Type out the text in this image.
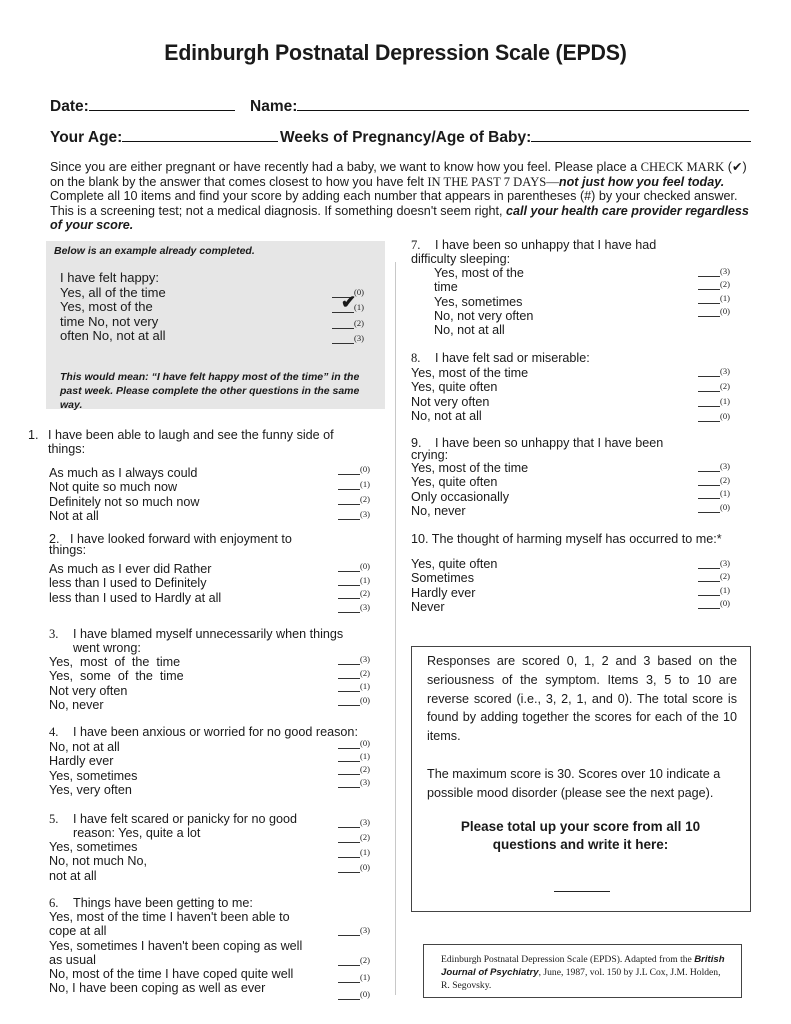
Edinburgh Postnatal Depression Scale (EPDS)
Date:	Name:
Your Age:	Weeks of Pregnancy/Age of Baby:
Since you are either pregnant or have recently had a baby, we want to know how you feel. Please place a CHECK MARK (✔) on the blank by the answer that comes closest to how you have felt IN THE PAST 7 DAYS—not just how you feel today. Complete all 10 items and find your score by adding each number that appears in parentheses (#) by your checked answer. This is a screening test; not a medical diagnosis. If something doesn't seem right, call your health care provider regardless of your score.
Below is an example already completed.
I have felt happy:
Yes, all of the time
Yes, most of the
time No, not very
often No, not at all
(0)
✔
(1)
(2)
(3)
This would mean: “I have felt happy most of the time” in the past week. Please complete the other questions in the same way.
1. I have been able to laugh and see the funny side of things:
As much as I always could
Not quite so much now
Definitely not so much now
Not at all
(0)
(1)
(2)
(3)
2. I have looked forward with enjoyment to things:
As much as I ever did Rather
less than I used to Definitely
less than I used to Hardly at all
(0)
(1)
(2)
(3)
3. I have blamed myself unnecessarily when things went wrong:
Yes,  most  of  the  time
Yes,  some  of  the  time
Not very often
No, never
(3)
(2)
(1)
(0)
4. I have been anxious or worried for no good reason:
No, not at all
Hardly ever
Yes, sometimes
Yes, very often
(0)
(1)
(2)
(3)
5. I have felt scared or panicky for no good reason: Yes, quite a lot
Yes, sometimes
No, not much No,
not at all
(3)
(2)
(1)
(0)
6. Things have been getting to me:
Yes, most of the time I haven't been able to cope at all
Yes, sometimes I haven't been coping as well as usual
No, most of the time I have coped quite well
No, I have been coping as well as ever
(3)
(2)
(1)
(0)
7. I have been so unhappy that I have had difficulty sleeping:
Yes, most of the
time
Yes, sometimes
No, not very often
No, not at all
(3)
(2)
(1)
(0)
8. I have felt sad or miserable:
Yes, most of the time
Yes, quite often
Not very often
No, not at all
(3)
(2)
(1)
(0)
9. I have been so unhappy that I have been crying:
Yes, most of the time
Yes, quite often
Only occasionally
No, never
(3)
(2)
(1)
(0)
10. The thought of harming myself has occurred to me:*
Yes, quite often
Sometimes
Hardly ever
Never
(3)
(2)
(1)
(0)
Responses are scored 0, 1, 2 and 3 based on the seriousness of the symptom. Items 3, 5 to 10 are reverse scored (i.e., 3, 2, 1, and 0). The total score is found by adding together the scores for each of the 10 items.
The maximum score is 30. Scores over 10 indicate a possible mood disorder (please see the next page).
Please total up your score from all 10 questions and write it here:
Edinburgh Postnatal Depression Scale (EPDS). Adapted from the British Journal of Psychiatry, June, 1987, vol. 150 by J.L Cox, J.M. Holden, R. Segovsky.
